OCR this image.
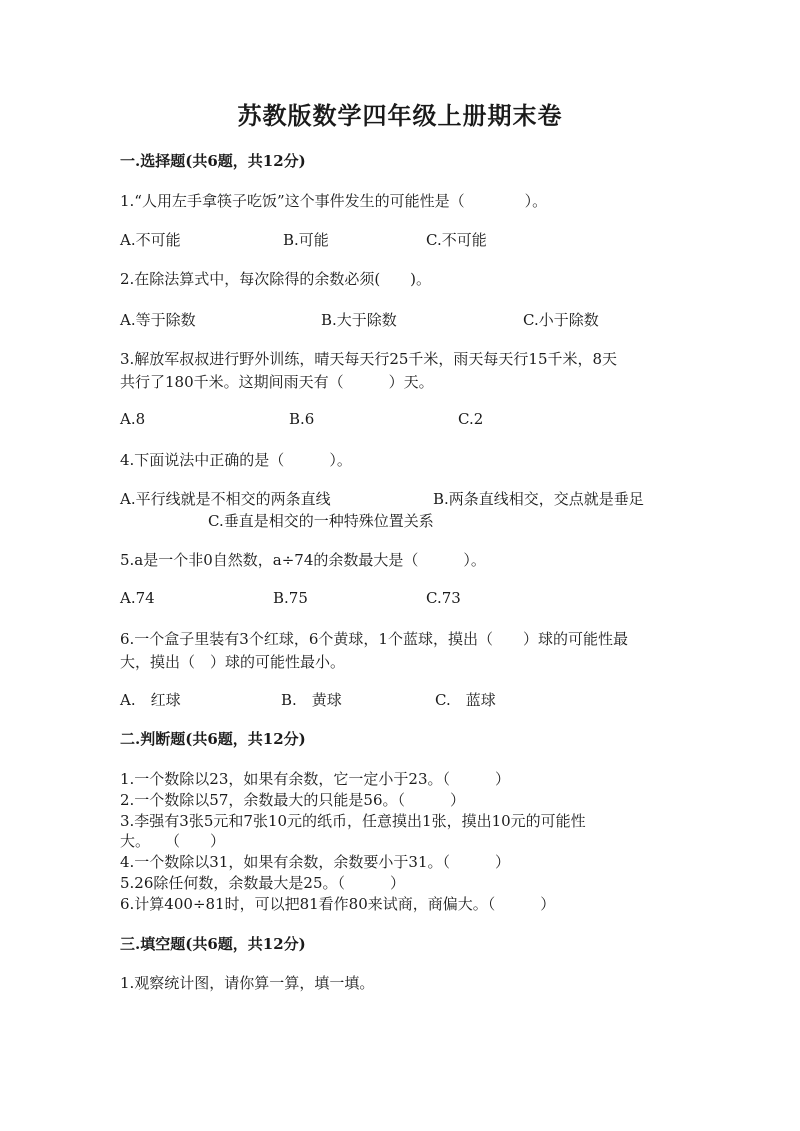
苏教版数学四年级上册期末卷
一.选择题(共6题，共12分)
1.“人用左手拿筷子吃饭”这个事件发生的可能性是（　　　　）。
A.不可能	B.可能	C.不可能
2.在除法算式中，每次除得的余数必须(　　)。
A.等于除数	B.大于除数	C.小于除数
3.解放军叔叔进行野外训练，晴天每天行25千米，雨天每天行15千米，8天
共行了180千米。这期间雨天有（　　　）天。
A.8	B.6	C.2
4.下面说法中正确的是（　　　）。
A.平行线就是不相交的两条直线	B.两条直线相交，交点就是垂足
C.垂直是相交的一种特殊位置关系
5.a是一个非0自然数，a÷74的余数最大是（　　　）。
A.74	B.75	C.73
6.一个盒子里装有3个红球，6个黄球，1个蓝球，摸出（　　）球的可能性最
大，摸出（　）球的可能性最小。
A.　红球	B.　黄球	C.　蓝球
二.判断题(共6题，共12分)
1.一个数除以23，如果有余数，它一定小于23。（　　　）
2.一个数除以57，余数最大的只能是56。（　　　）
3.李强有3张5元和7张10元的纸币，任意摸出1张，摸出10元的可能性
大。　　（　　）
4.一个数除以31，如果有余数，余数要小于31。（　　　）
5.26除任何数，余数最大是25。（　　　）
6.计算400÷81时，可以把81看作80来试商，商偏大。（　　　）
三.填空题(共6题，共12分)
1.观察统计图，请你算一算，填一填。
